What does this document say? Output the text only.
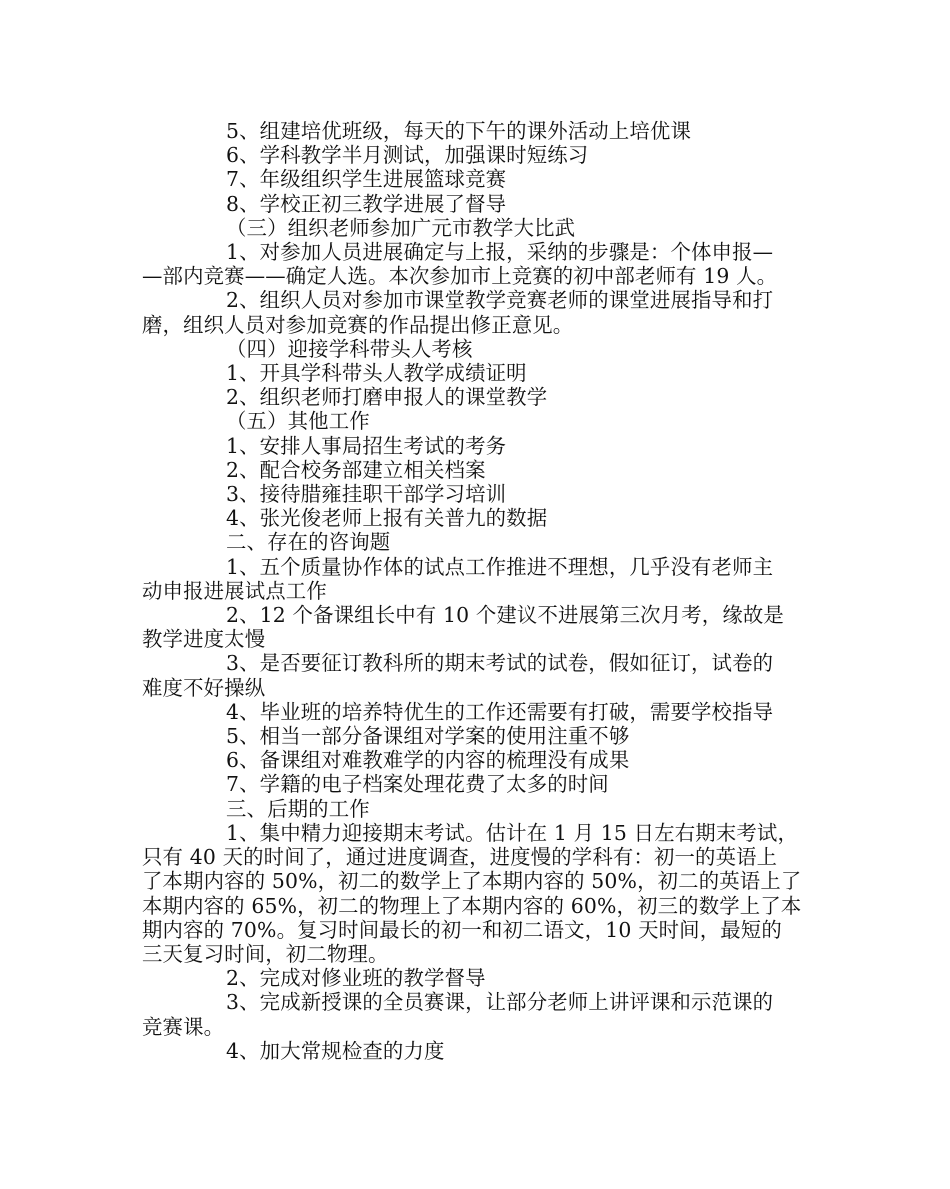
5、组建培优班级，每天的下午的课外活动上培优课
6、学科教学半月测试，加强课时短练习
7、年级组织学生进展篮球竞赛
8、学校正初三教学进展了督导
（三）组织老师参加广元市教学大比武
1、对参加人员进展确定与上报，采纳的步骤是：个体申报—
—部内竞赛——确定人选。本次参加市上竞赛的初中部老师有 19 人。
2、组织人员对参加市课堂教学竞赛老师的课堂进展指导和打
磨，组织人员对参加竞赛的作品提出修正意见。
（四）迎接学科带头人考核
1、开具学科带头人教学成绩证明
2、组织老师打磨申报人的课堂教学
（五）其他工作
1、安排人事局招生考试的考务
2、配合校务部建立相关档案
3、接待腊雍挂职干部学习培训
4、张光俊老师上报有关普九的数据
二、存在的咨询题
1、五个质量协作体的试点工作推进不理想，几乎没有老师主
动申报进展试点工作
2、12 个备课组长中有 10 个建议不进展第三次月考，缘故是
教学进度太慢
3、是否要征订教科所的期末考试的试卷，假如征订，试卷的
难度不好操纵
4、毕业班的培养特优生的工作还需要有打破，需要学校指导
5、相当一部分备课组对学案的使用注重不够
6、备课组对难教难学的内容的梳理没有成果
7、学籍的电子档案处理花费了太多的时间
三、后期的工作
1、集中精力迎接期末考试。估计在 1 月 15 日左右期末考试，
只有 40 天的时间了，通过进度调查，进度慢的学科有：初一的英语上
了本期内容的 50%，初二的数学上了本期内容的 50%，初二的英语上了
本期内容的 65%，初二的物理上了本期内容的 60%，初三的数学上了本
期内容的 70%。复习时间最长的初一和初二语文，10 天时间，最短的
三天复习时间，初二物理。
2、完成对修业班的教学督导
3、完成新授课的全员赛课，让部分老师上讲评课和示范课的
竞赛课。
4、加大常规检查的力度
